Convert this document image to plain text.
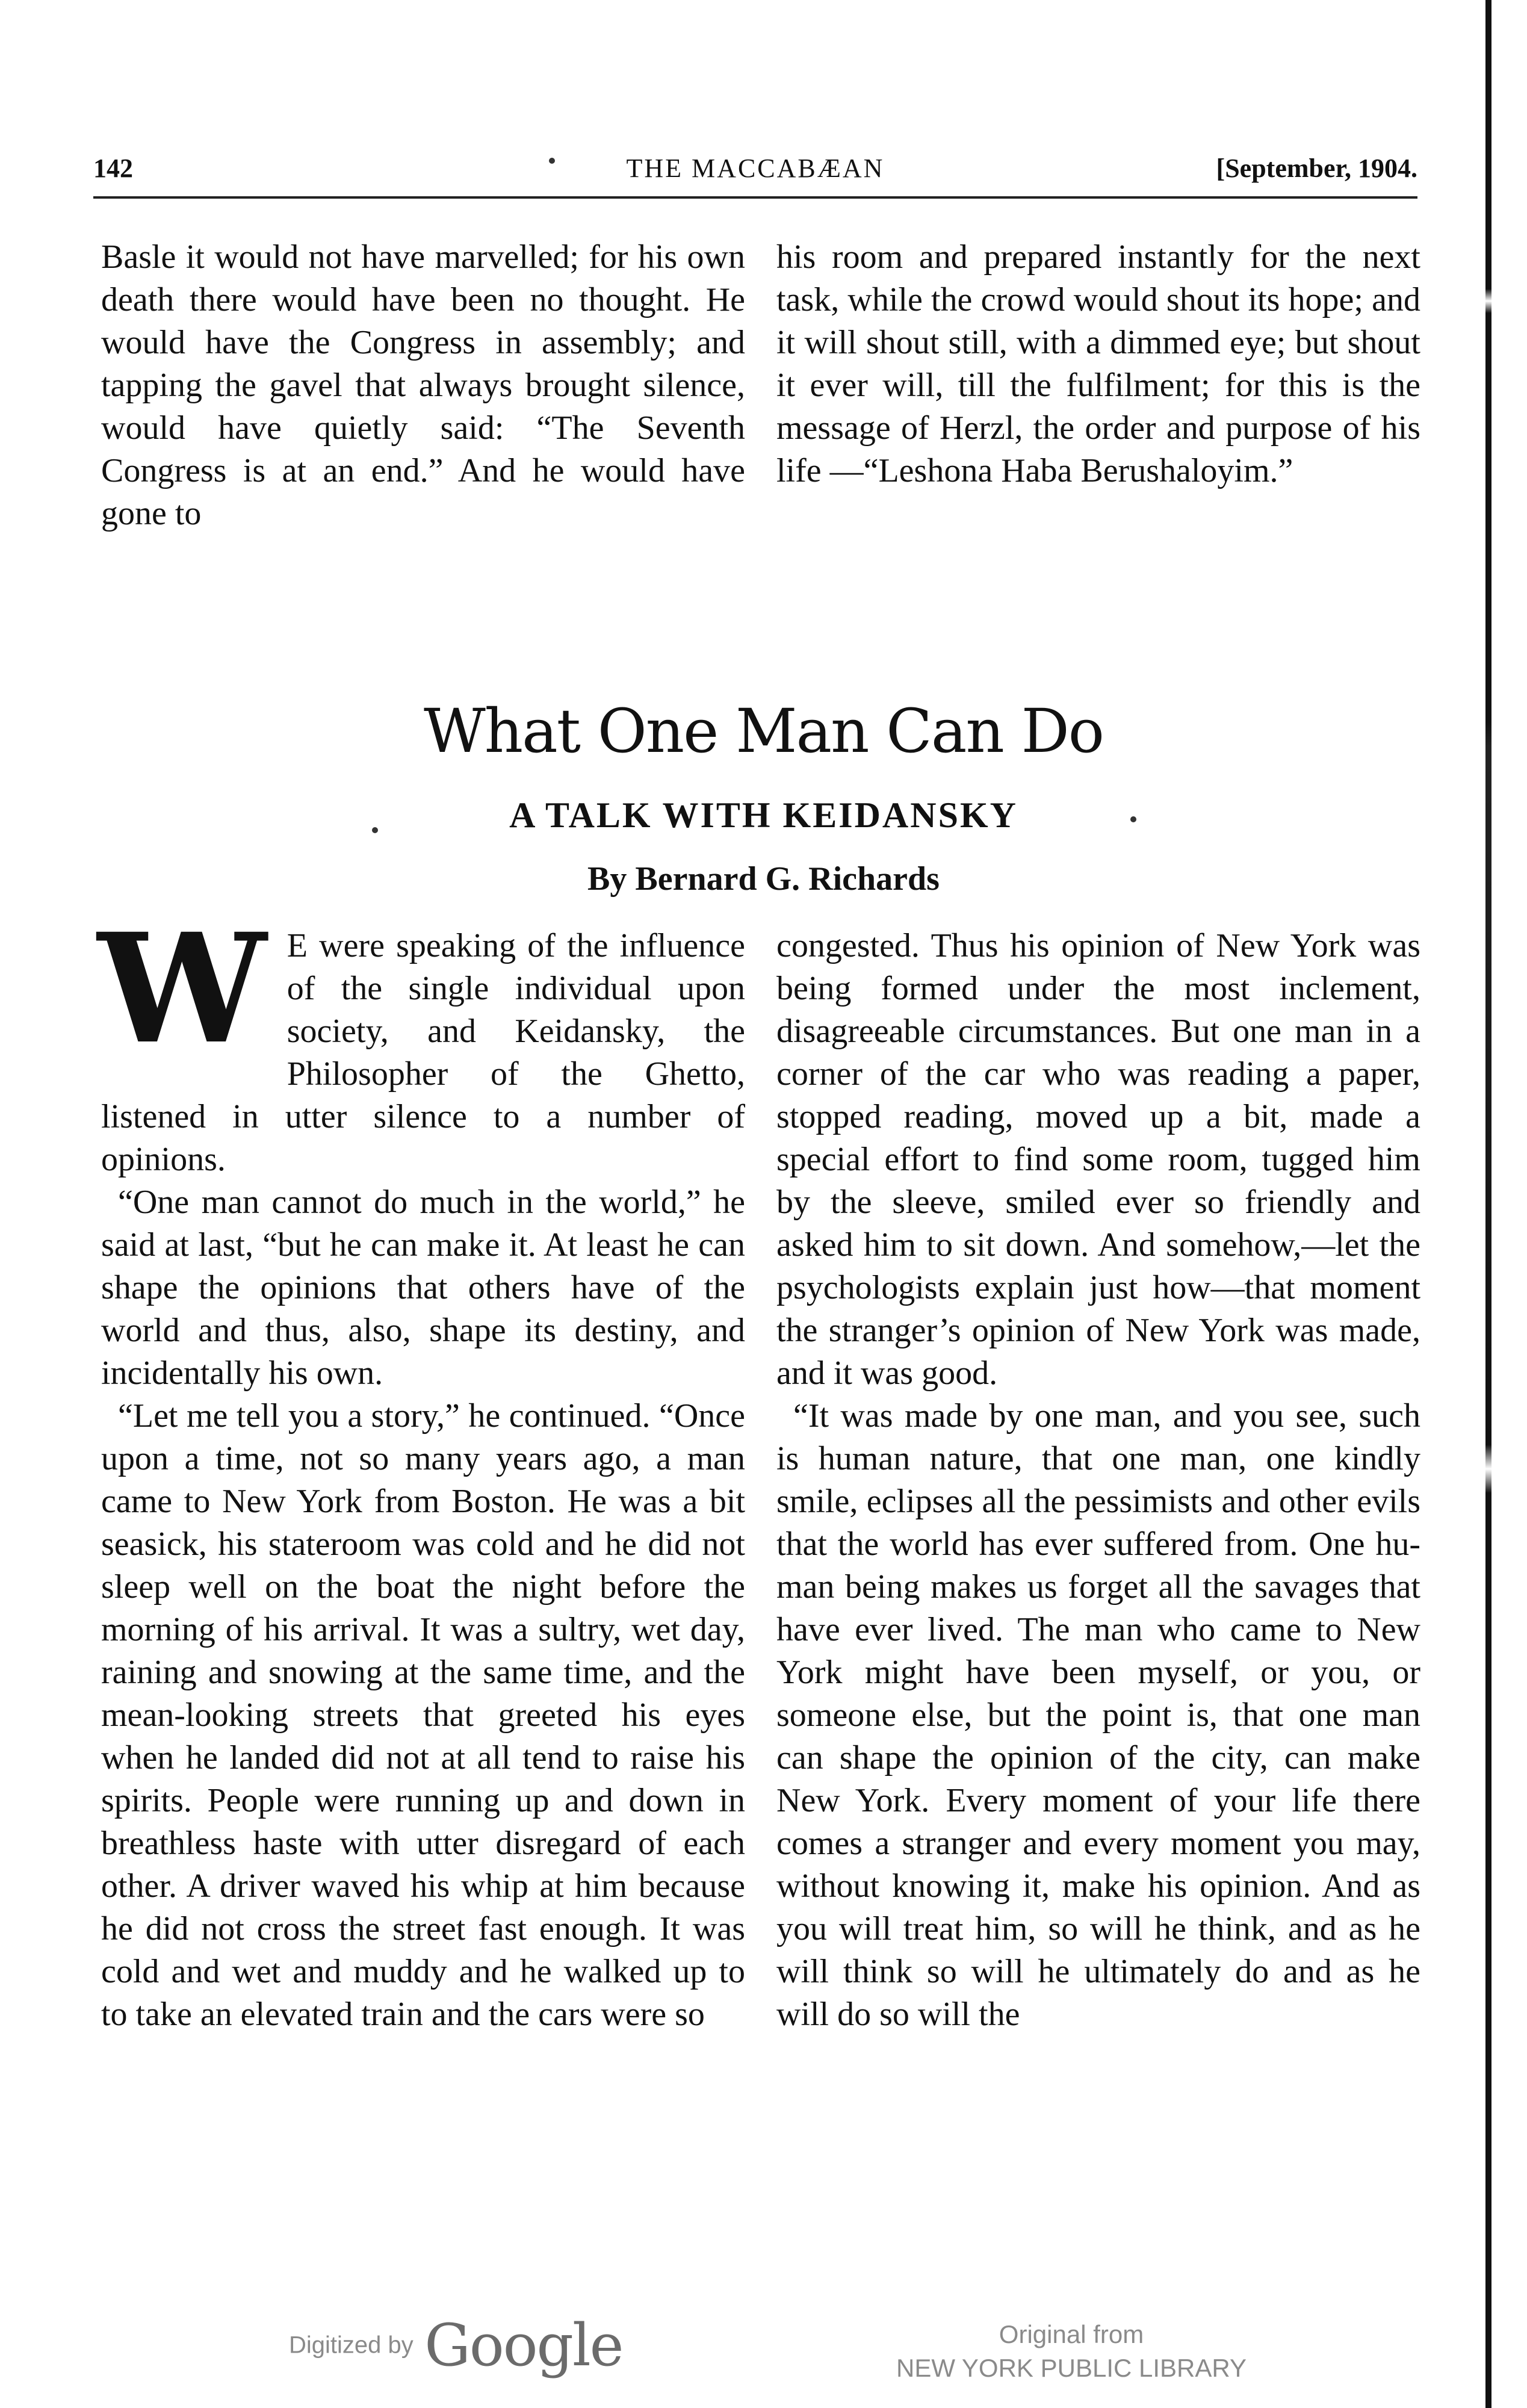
142	THE MACCABÆAN	[September, 1904.

Basle it would not have marvelled; for his own death there would have been no thought. He would have the Congress in assembly; and tapping the gavel that always brought silence, would have quietly said: “The Seventh Congress is at an end.” And he would have gone to

his room and prepared instantly for the next task, while the crowd would shout its hope; and it will shout still, with a dimmed eye; but shout it ever will, till the fulfilment; for this is the message of Herzl, the order and purpose of his life —“Leshona Haba Berushaloyim.”

What One Man Can Do
A TALK WITH KEIDANSKY
By Bernard G. Richards
W E were speaking of the influence of the single individual upon society, and Keidansky, the Philosopher of the Ghetto, listened in utter silence to a number of opinions.

“One man cannot do much in the world,” he said at last, “but he can make it. At least he can shape the opinions that others have of the world and thus, also, shape its destiny, and incidentally his own.

“Let me tell you a story,” he continued. “Once upon a time, not so many years ago, a man came to New York from Boston. He was a bit seasick, his stateroom was cold and he did not sleep well on the boat the night before the morning of his arrival. It was a sultry, wet day, raining and snowing at the same time, and the mean-looking streets that greeted his eyes when he landed did not at all tend to raise his spirits. People were running up and down in breathless haste with utter disregard of each other. A driver waved his whip at him because he did not cross the street fast enough. It was cold and wet and muddy and he walked up to to take an elevated train and the cars were so

congested. Thus his opinion of New York was being formed under the most inclement, disagreeable circumstances. But one man in a corner of the car who was reading a paper, stopped reading, moved up a bit, made a special effort to find some room, tugged him by the sleeve, smiled ever so friendly and asked him to sit down. And somehow,—let the psychologists explain just how—that moment the stranger’s opinion of New York was made, and it was good.

“It was made by one man, and you see, such is human nature, that one man, one kindly smile, eclipses all the pessimists and other evils that the world has ever suffered from. One human being makes us forget all the savages that have ever lived. The man who came to New York might have been myself, or you, or someone else, but the point is, that one man can shape the opinion of the city, can make New York. Every moment of your life there comes a stranger and every moment you may, without knowing it, make his opinion. And as you will treat him, so will he think, and as he will think so will he ultimately do and as he will do so will the

Digitized by Google	Original from
NEW YORK PUBLIC LIBRARY
